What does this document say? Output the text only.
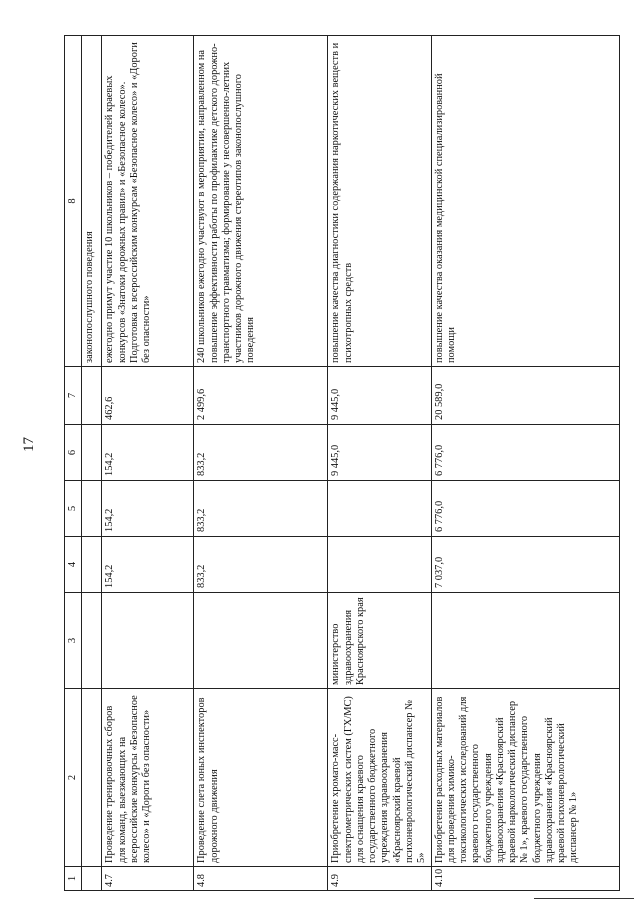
17
1	2	3	4	5	6	7	8
							законопослушного поведения
4.7	Проведение тренировочных сборов для команд, выезжающих на всероссийские конкурсы «Безопасное колесо» и «Дороги без опасности»		154,2	154,2	154,2	462,6	ежегодно примут участие 10 школьников – победителей краевых конкурсов «Знатоки дорожных правил» и «Безопасное колесо». Подготовка к всероссийским конкурсам «Безопасное колесо» и «Дороги без опасности»
4.8	Проведение слета юных инспекторов дорожного движения		833,2	833,2	833,2	2 499,6	240 школьников ежегодно участвуют в мероприятии, направленном на повышение эффективности работы по профилактике детского дорожно-транспортного травматизма; формирование у несовершенно-летних участников дорожного движения стереотипов законопослушного поведения
4.9	Приобретение хромато-масс-спектрометрических систем (ГХ/МС) для оснащения краевого государственного бюджетного учреждения здравоохранения «Красноярский краевой психоневрологический диспансер № 5»	министерство здравоохранения Красноярского края			9 445,0	9 445,0	повышение качества диагностики содержания наркотических веществ и психотропных средств
4.10	Приобретение расходных материалов для проведения химико-токсикологических исследований для краевого государственного бюджетного учреждения здравоохранения «Красноярский краевой наркологический диспансер № 1», краевого государственного бюджетного учреждения здравоохранения «Красноярский краевой психоневрологический диспансер № 1»		7 037,0	6 776,0	6 776,0	20 589,0	повышение качества оказания медицинской специализированной помощи
